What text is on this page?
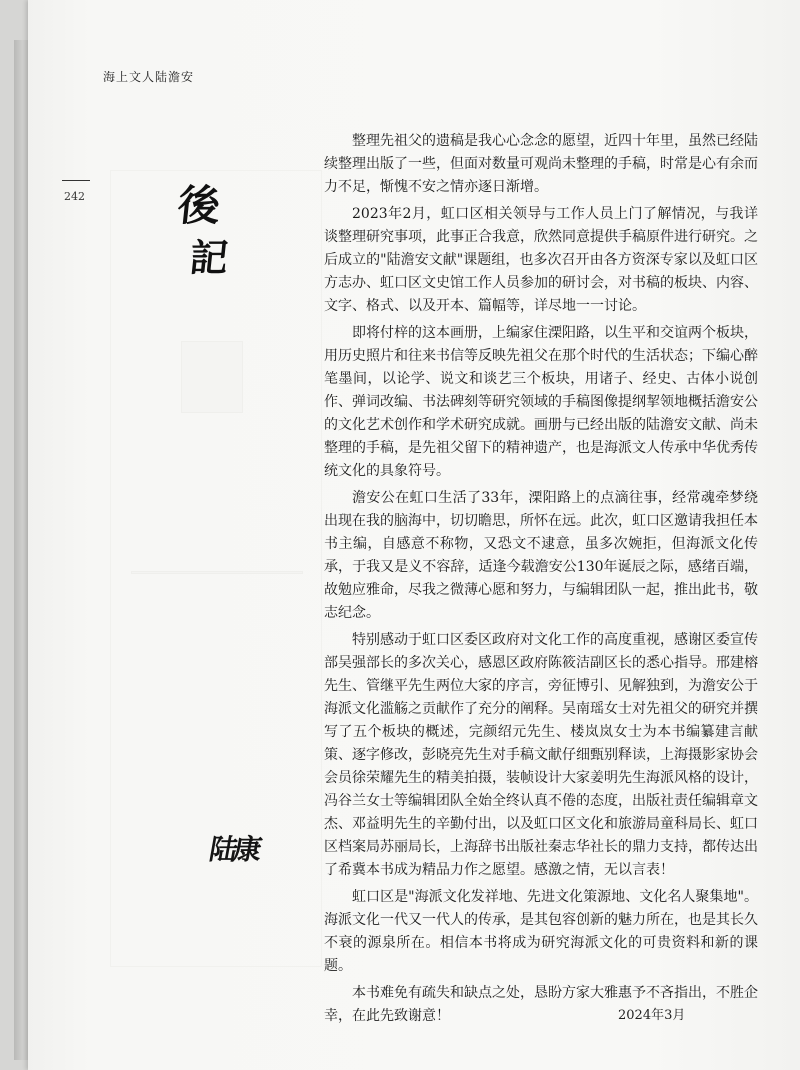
海上文人陆澹安
242 後
記
陆康

整理先祖父的遗稿是我心心念念的愿望，近四十年里，虽然已经陆续整理出版了一些，但面对数量可观尚未整理的手稿，时常是心有余而力不足，惭愧不安之情亦逐日渐增。

2023年2月，虹口区相关领导与工作人员上门了解情况，与我详谈整理研究事项，此事正合我意，欣然同意提供手稿原件进行研究。之后成立的"陆澹安文献"课题组，也多次召开由各方资深专家以及虹口区方志办、虹口区文史馆工作人员参加的研讨会，对书稿的板块、内容、文字、格式、以及开本、篇幅等，详尽地一一讨论。

即将付梓的这本画册，上编家住溧阳路，以生平和交谊两个板块，用历史照片和往来书信等反映先祖父在那个时代的生活状态；下编心醉笔墨间，以论学、说文和谈艺三个板块，用诸子、经史、古体小说创作、弹词改编、书法碑刻等研究领域的手稿图像提纲挈领地概括澹安公的文化艺术创作和学术研究成就。画册与已经出版的陆澹安文献、尚未整理的手稿，是先祖父留下的精神遗产，也是海派文人传承中华优秀传统文化的具象符号。

澹安公在虹口生活了33年，溧阳路上的点滴往事，经常魂牵梦绕出现在我的脑海中，切切瞻思，所怀在远。此次，虹口区邀请我担任本书主编，自感意不称物，又恐文不逮意，虽多次婉拒，但海派文化传承，于我又是义不容辞，适逢今载澹安公130年诞辰之际，感绪百端，故勉应雅命，尽我之微薄心愿和努力，与编辑团队一起，推出此书，敬志纪念。

特别感动于虹口区委区政府对文化工作的高度重视，感谢区委宣传部吴强部长的多次关心，感恩区政府陈筱洁副区长的悉心指导。邢建榕先生、管继平先生两位大家的序言，旁征博引、见解独到，为澹安公于海派文化滥觞之贡献作了充分的阐释。吴南瑶女士对先祖父的研究并撰写了五个板块的概述，完颜绍元先生、楼岚岚女士为本书编纂建言献策、逐字修改，彭晓亮先生对手稿文献仔细甄别释读，上海摄影家协会会员徐荣耀先生的精美拍摄，装帧设计大家姜明先生海派风格的设计，冯谷兰女士等编辑团队全始全终认真不倦的态度，出版社责任编辑章文杰、邓益明先生的辛勤付出，以及虹口区文化和旅游局童科局长、虹口区档案局苏丽局长，上海辞书出版社秦志华社长的鼎力支持，都传达出了希冀本书成为精品力作之愿望。感激之情，无以言表！

虹口区是"海派文化发祥地、先进文化策源地、文化名人聚集地"。海派文化一代又一代人的传承，是其包容创新的魅力所在，也是其长久不衰的源泉所在。相信本书将成为研究海派文化的可贵资料和新的课题。

本书难免有疏失和缺点之处，恳盼方家大雅惠予不吝指出，不胜企幸，在此先致谢意！	2024年3月
